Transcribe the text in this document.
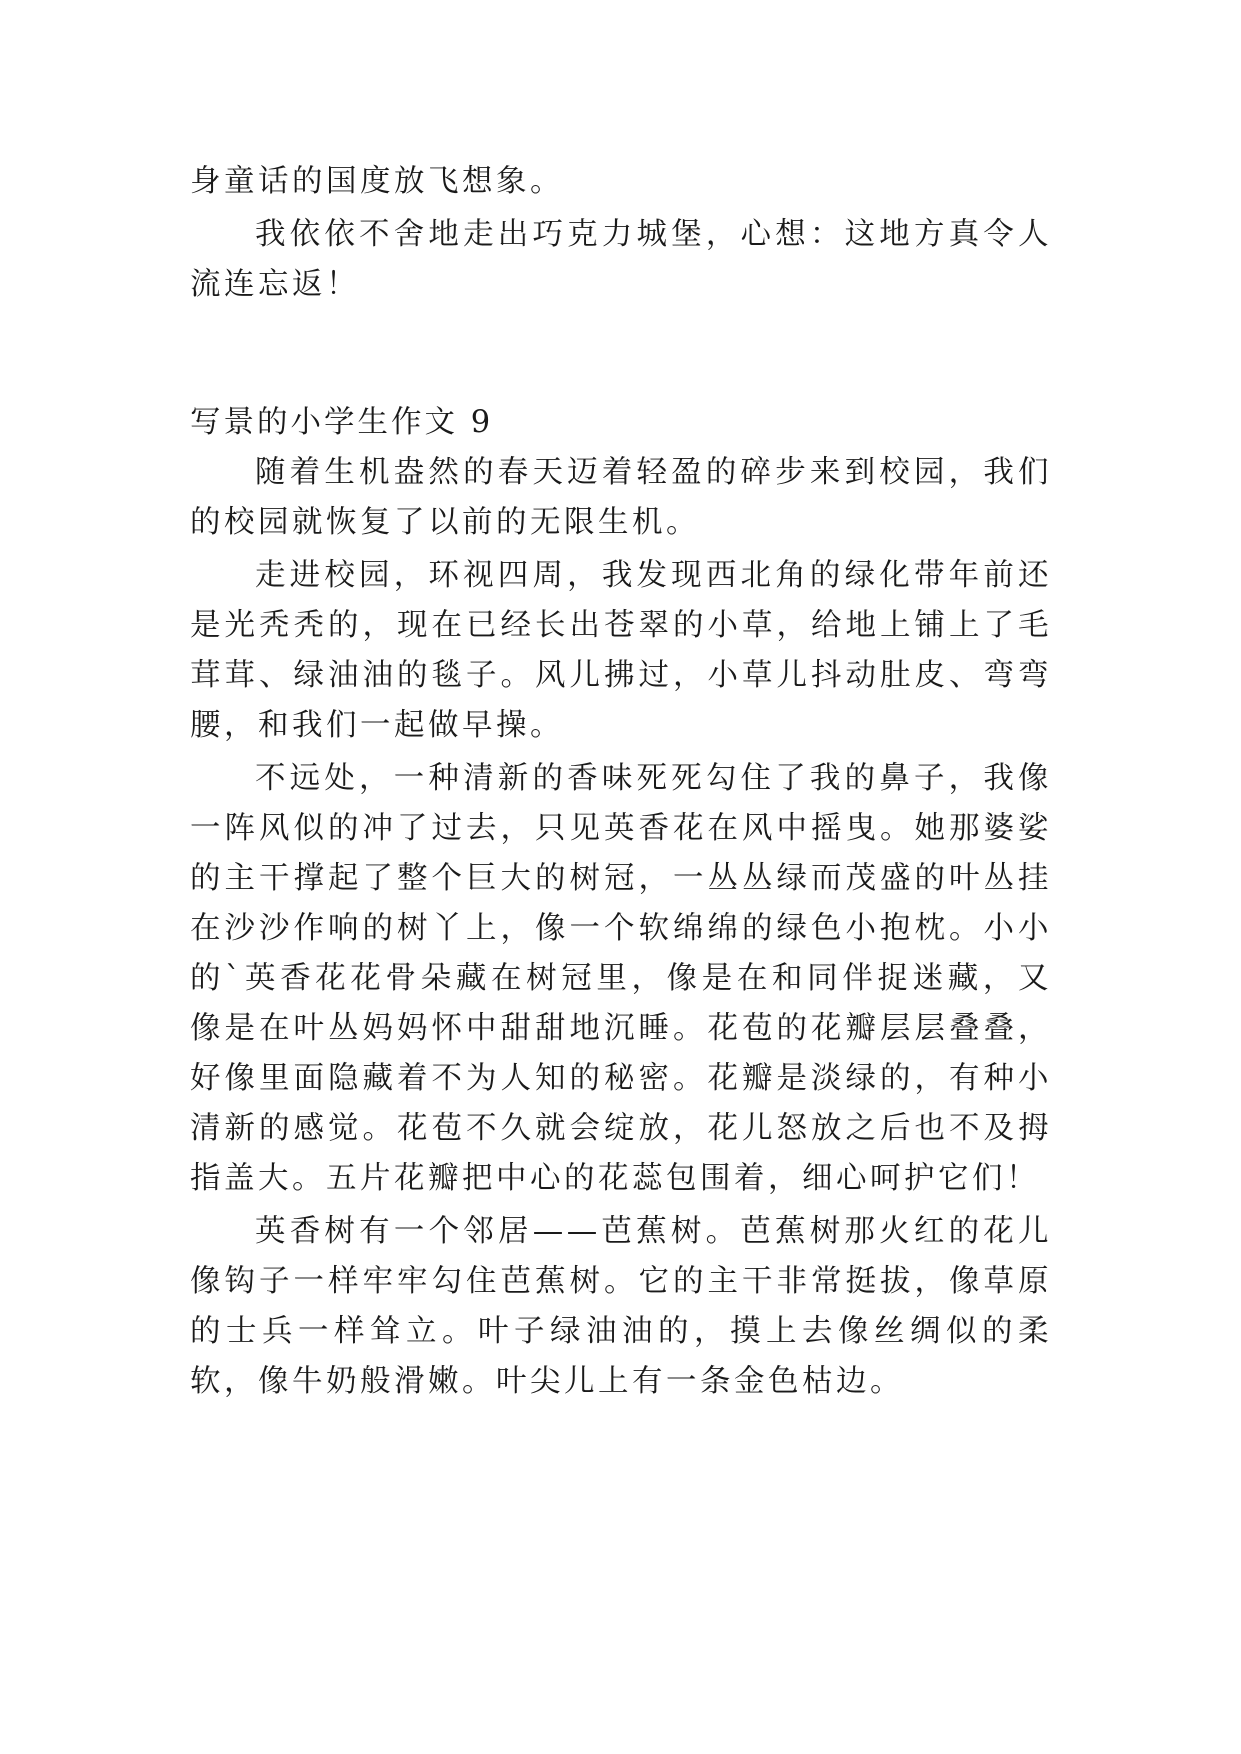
身童话的国度放飞想象。

我依依不舍地走出巧克力城堡，心想：这地方真令人流连忘返！

写景的小学生作文 9

随着生机盎然的春天迈着轻盈的碎步来到校园，我们的校园就恢复了以前的无限生机。

走进校园，环视四周，我发现西北角的绿化带年前还是光秃秃的，现在已经长出苍翠的小草，给地上铺上了毛茸茸、绿油油的毯子。风儿拂过，小草儿抖动肚皮、弯弯腰，和我们一起做早操。

不远处，一种清新的香味死死勾住了我的鼻子，我像一阵风似的冲了过去，只见英香花在风中摇曳。她那婆娑的主干撑起了整个巨大的树冠，一丛丛绿而茂盛的叶丛挂在沙沙作响的树丫上，像一个软绵绵的绿色小抱枕。小小的`英香花花骨朵藏在树冠里，像是在和同伴捉迷藏，又像是在叶丛妈妈怀中甜甜地沉睡。花苞的花瓣层层叠叠，好像里面隐藏着不为人知的秘密。花瓣是淡绿的，有种小清新的感觉。花苞不久就会绽放，花儿怒放之后也不及拇指盖大。五片花瓣把中心的花蕊包围着，细心呵护它们！

英香树有一个邻居——芭蕉树。芭蕉树那火红的花儿像钩子一样牢牢勾住芭蕉树。它的主干非常挺拔，像草原的士兵一样耸立。叶子绿油油的，摸上去像丝绸似的柔软，像牛奶般滑嫩。叶尖儿上有一条金色枯边。
